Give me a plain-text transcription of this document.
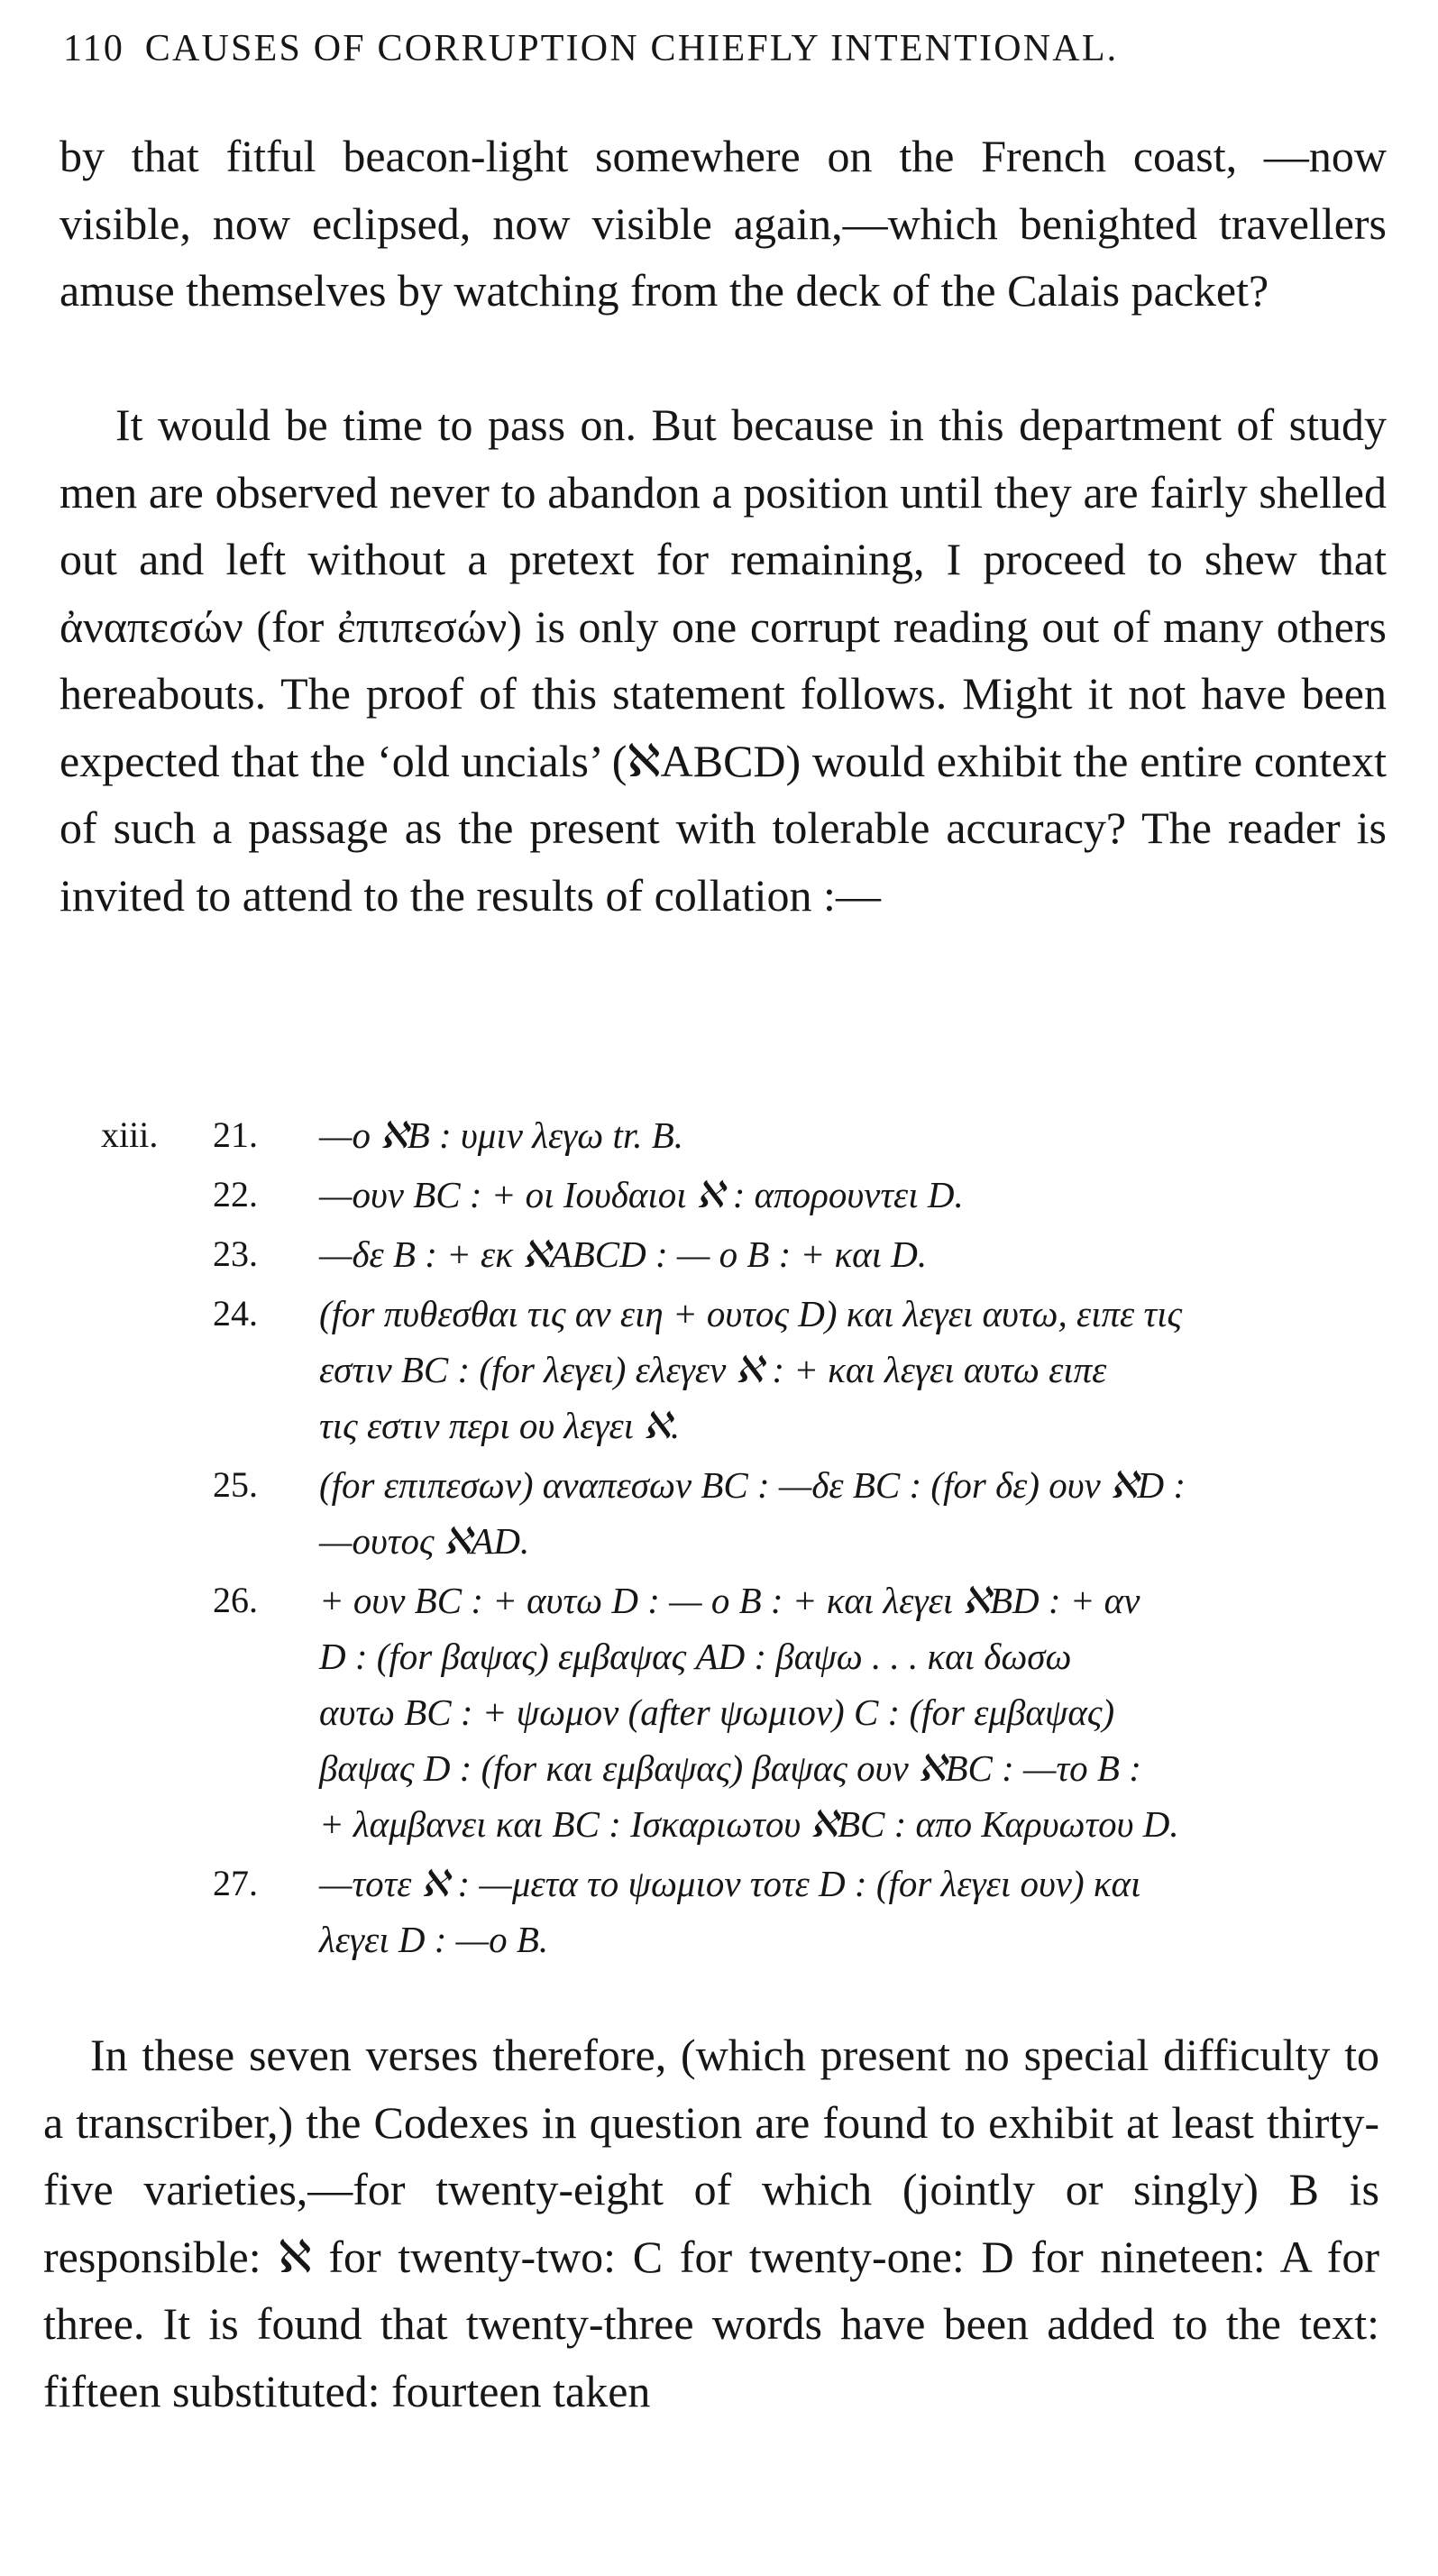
110 CAUSES OF CORRUPTION CHIEFLY INTENTIONAL.

by that fitful beacon-light somewhere on the French coast, —now visible, now eclipsed, now visible again,—which benighted travellers amuse themselves by watching from the deck of the Calais packet?

It would be time to pass on. But because in this department of study men are observed never to abandon a position until they are fairly shelled out and left without a pretext for remaining, I proceed to shew that ἀναπεσών (for ἐπιπεσών) is only one corrupt reading out of many others hereabouts. The proof of this statement follows. Might it not have been expected that the ‘old uncials’ (ℵABCD) would exhibit the entire context of such a passage as the present with tolerable accuracy? The reader is invited to attend to the results of collation :—

xiii.	21.	—ο ℵB : υμιν λεγω tr. B.
22.	—ουν BC : + οι Ιουδαιοι ℵ : απορουντει D.
23.	—δε B : + εκ ℵABCD : — ο B : + και D.
24.	(for πυθεσθαι τις αν ειη + ουτος D) και λεγει αυτω, ειπε τις
εστιν BC : (for λεγει) ελεγεν ℵ : + και λεγει αυτω ειπε
τις εστιν περι ου λεγει ℵ.
25.	(for επιπεσων) αναπεσων BC : —δε BC : (for δε) ουν ℵD :
—ουτος ℵAD.
26.	+ ουν BC : + αυτω D : — ο B : + και λεγει ℵBD : + αν
D : (for βαψας) εμβαψας AD : βαψω . . . και δωσω
αυτω BC : + ψωμον (after ψωμιον) C : (for εμβαψας)
βαψας D : (for και εμβαψας) βαψας ουν ℵBC : —το B :
+ λαμβανει και BC : Ισκαριωτου ℵBC : απο Καρυωτου D.
27.	—τοτε ℵ : —μετα το ψωμιον τοτε D : (for λεγει ουν) και
λεγει D : —ο B.

In these seven verses therefore, (which present no special difficulty to a transcriber,) the Codexes in question are found to exhibit at least thirty-five varieties,—for twenty-eight of which (jointly or singly) B is responsible: ℵ for twenty-two: C for twenty-one: D for nineteen: A for three. It is found that twenty-three words have been added to the text: fifteen substituted: fourteen taken
